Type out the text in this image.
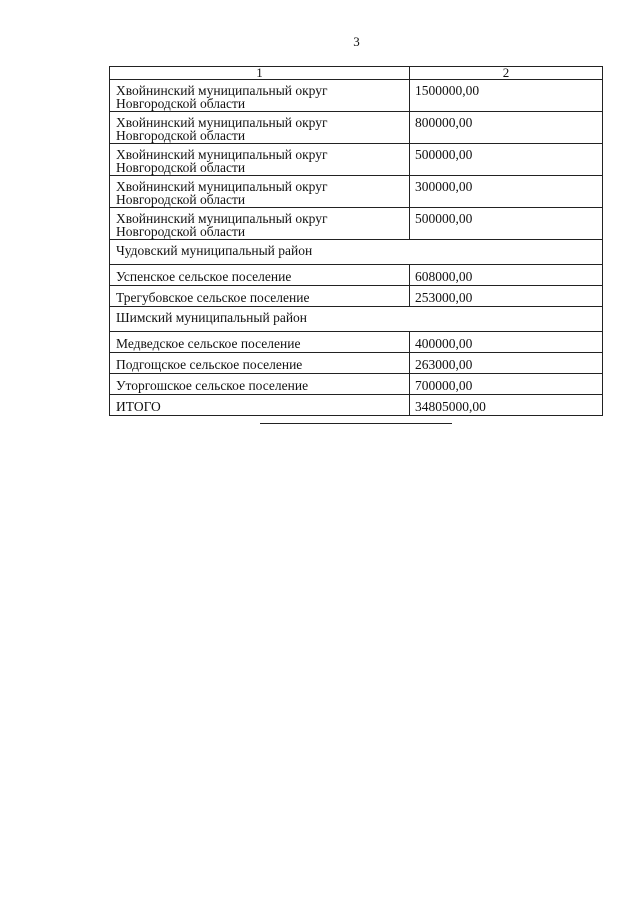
3
1	2

Хвойнинский муниципальный округ
Новгородской области	1500000,00

Хвойнинский муниципальный округ
Новгородской области	800000,00

Хвойнинский муниципальный округ
Новгородской области	500000,00

Хвойнинский муниципальный округ
Новгородской области	300000,00

Хвойнинский муниципальный округ
Новгородской области	500000,00
Чудовский муниципальный район	
Успенское сельское поселение	608000,00
Трегубовское сельское поселение	253000,00
Шимский муниципальный район	
Медведское сельское поселение	400000,00
Подгощское сельское поселение	263000,00
Уторгошское сельское поселение	700000,00
ИТОГО	34805000,00
